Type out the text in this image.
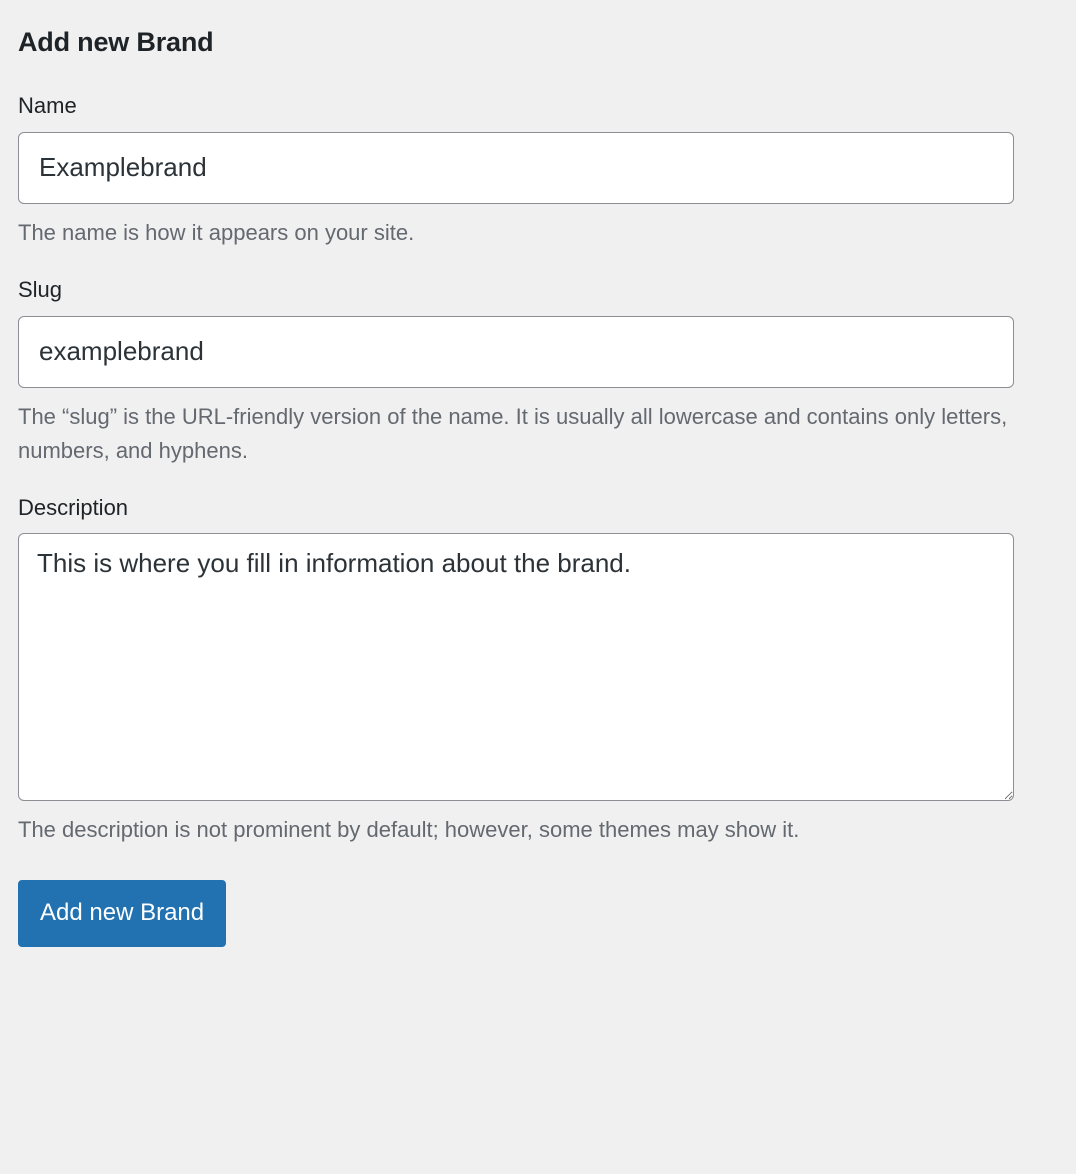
Add new Brand
Name
Examplebrand

The name is how it appears on your site.

Slug
examplebrand

The “slug” is the URL-friendly version of the name. It is usually all lowercase and contains only letters, numbers, and hyphens.

Description
This is where you fill in information about the brand.

The description is not prominent by default; however, some themes may show it.

Add new Brand
